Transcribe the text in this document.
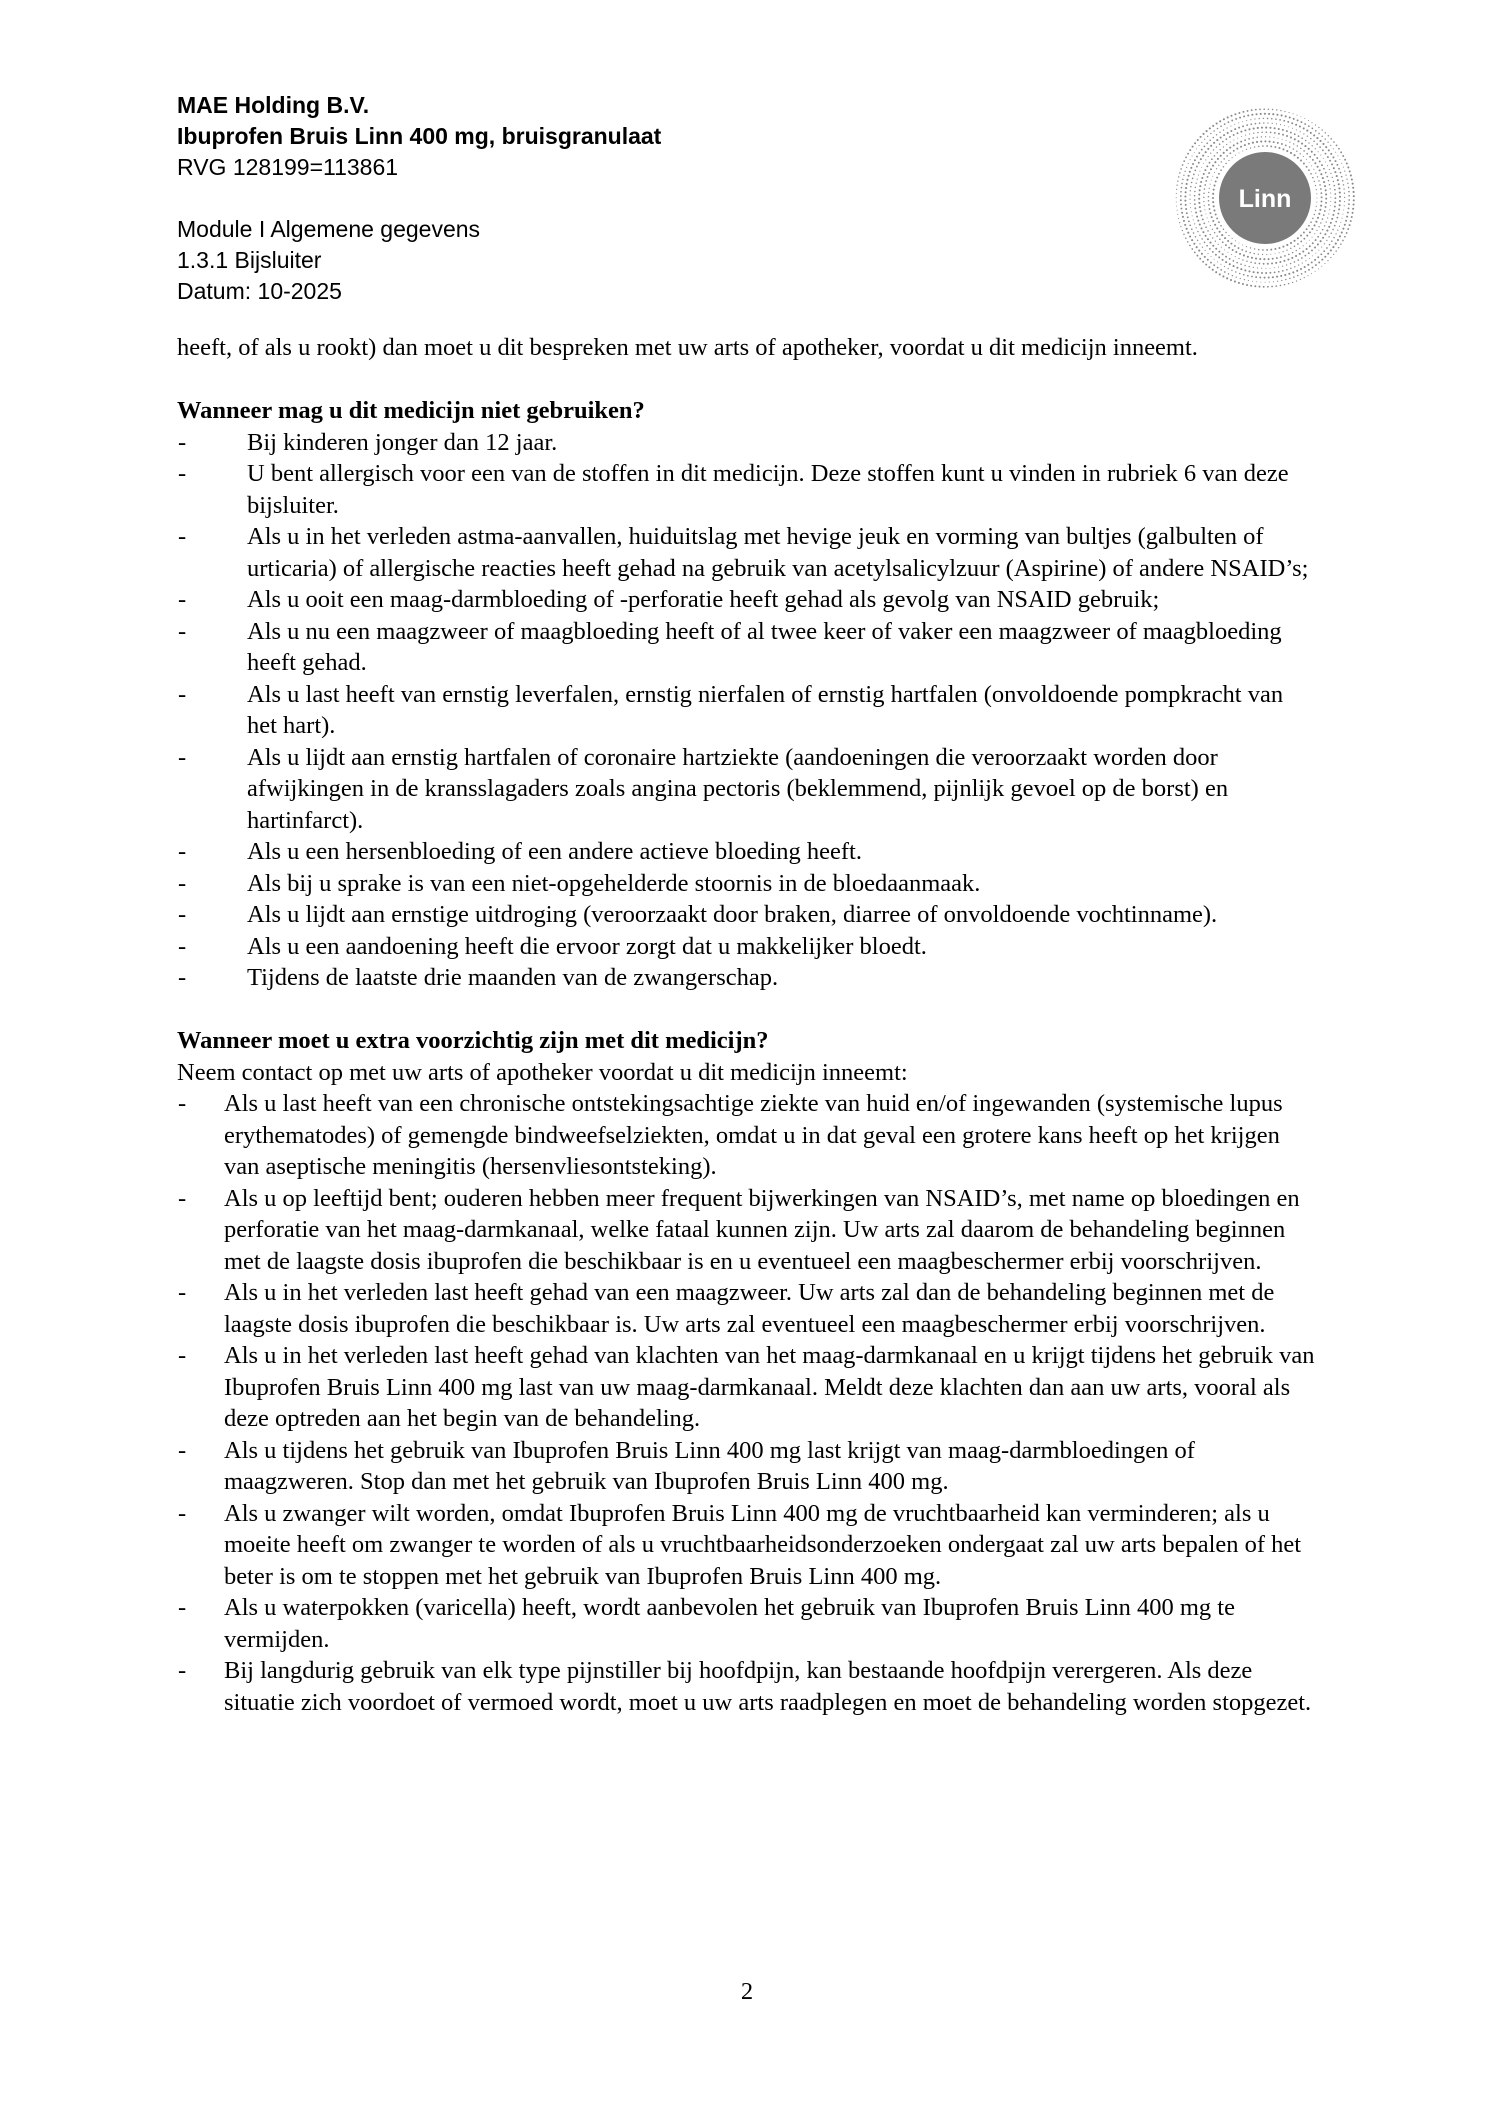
MAE Holding B.V.
Ibuprofen Bruis Linn 400 mg, bruisgranulaat
RVG 128199=113861
Module I Algemene gegevens
1.3.1 Bijsluiter
Datum: 10-2025
Linn

heeft, of als u rookt) dan moet u dit bespreken met uw arts of apotheker, voordat u dit medicijn inneemt.

Wanneer mag u dit medicijn niet gebruiken?
- Bij kinderen jonger dan 12 jaar.
- U bent allergisch voor een van de stoffen in dit medicijn. Deze stoffen kunt u vinden in rubriek 6 van deze bijsluiter.
- Als u in het verleden astma-aanvallen, huiduitslag met hevige jeuk en vorming van bultjes (galbulten of urticaria) of allergische reacties heeft gehad na gebruik van acetylsalicylzuur (Aspirine) of andere NSAID’s;
- Als u ooit een maag-darmbloeding of -perforatie heeft gehad als gevolg van NSAID gebruik;
- Als u nu een maagzweer of maagbloeding heeft of al twee keer of vaker een maagzweer of maagbloeding heeft gehad.
- Als u last heeft van ernstig leverfalen, ernstig nierfalen of ernstig hartfalen (onvoldoende pompkracht van het hart).
- Als u lijdt aan ernstig hartfalen of coronaire hartziekte (aandoeningen die veroorzaakt worden door afwijkingen in de kransslagaders zoals angina pectoris (beklemmend, pijnlijk gevoel op de borst) en hartinfarct).
- Als u een hersenbloeding of een andere actieve bloeding heeft.
- Als bij u sprake is van een niet-opgehelderde stoornis in de bloedaanmaak.
- Als u lijdt aan ernstige uitdroging (veroorzaakt door braken, diarree of onvoldoende vochtinname).
- Als u een aandoening heeft die ervoor zorgt dat u makkelijker bloedt.
- Tijdens de laatste drie maanden van de zwangerschap.
Wanneer moet u extra voorzichtig zijn met dit medicijn?

Neem contact op met uw arts of apotheker voordat u dit medicijn inneemt:

- Als u last heeft van een chronische ontstekingsachtige ziekte van huid en/of ingewanden (systemische lupus erythematodes) of gemengde bindweefselziekten, omdat u in dat geval een grotere kans heeft op het krijgen van aseptische meningitis (hersenvliesontsteking).
- Als u op leeftijd bent; ouderen hebben meer frequent bijwerkingen van NSAID’s, met name op bloedingen en perforatie van het maag-darmkanaal, welke fataal kunnen zijn. Uw arts zal daarom de behandeling beginnen met de laagste dosis ibuprofen die beschikbaar is en u eventueel een maagbeschermer erbij voorschrijven.
- Als u in het verleden last heeft gehad van een maagzweer. Uw arts zal dan de behandeling beginnen met de laagste dosis ibuprofen die beschikbaar is. Uw arts zal eventueel een maagbeschermer erbij voorschrijven.
- Als u in het verleden last heeft gehad van klachten van het maag-darmkanaal en u krijgt tijdens het gebruik van Ibuprofen Bruis Linn 400 mg last van uw maag-darmkanaal. Meldt deze klachten dan aan uw arts, vooral als deze optreden aan het begin van de behandeling.
- Als u tijdens het gebruik van Ibuprofen Bruis Linn 400 mg last krijgt van maag-darmbloedingen of maagzweren. Stop dan met het gebruik van Ibuprofen Bruis Linn 400 mg.
- Als u zwanger wilt worden, omdat Ibuprofen Bruis Linn 400 mg de vruchtbaarheid kan verminderen; als u moeite heeft om zwanger te worden of als u vruchtbaarheidsonderzoeken ondergaat zal uw arts bepalen of het beter is om te stoppen met het gebruik van Ibuprofen Bruis Linn 400 mg.
- Als u waterpokken (varicella) heeft, wordt aanbevolen het gebruik van Ibuprofen Bruis Linn 400 mg te vermijden.
- Bij langdurig gebruik van elk type pijnstiller bij hoofdpijn, kan bestaande hoofdpijn verergeren. Als deze situatie zich voordoet of vermoed wordt, moet u uw arts raadplegen en moet de behandeling worden stopgezet.
2
